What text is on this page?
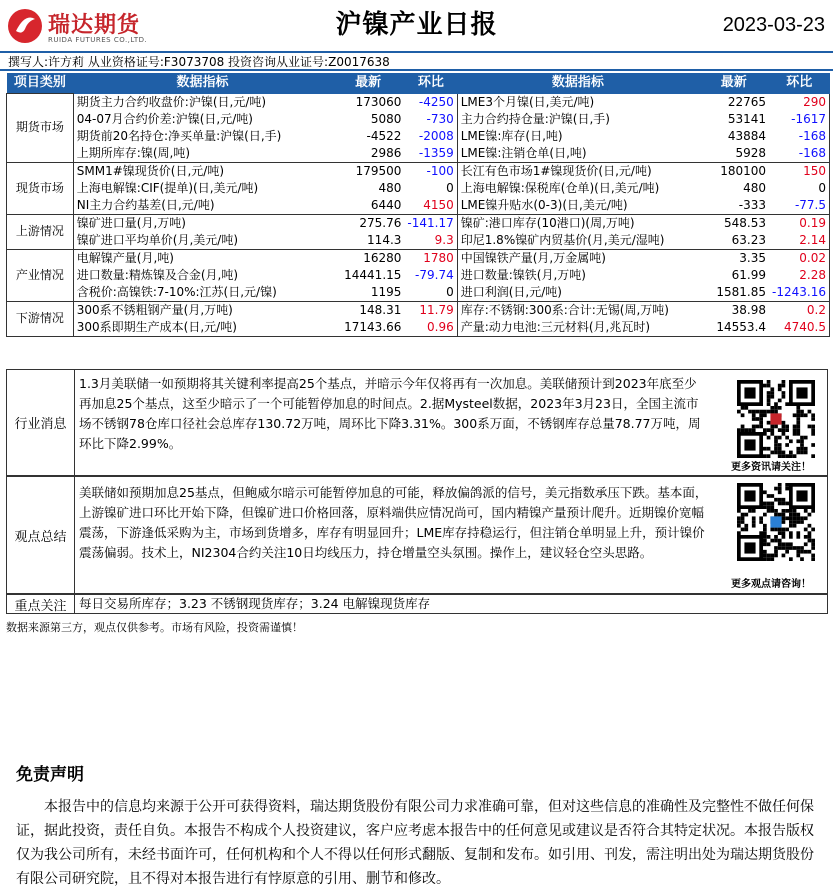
瑞达期货
RUIDA FUTURES CO.,LTD.	沪镍产业日报	2023-03-23
撰写人:许方莉 从业资格证号:F3073708 投资咨询从业证号:Z0017638
项目类别	数据指标	最新	环比	数据指标	最新	环比
期货市场	期货主力合约收盘价:沪镍(日,元/吨)	173060	-4250	LME3个月镍(日,美元/吨)	22765	290
	04-07月合约价差:沪镍(日,元/吨)	5080	-730	主力合约持仓量:沪镍(日,手)	53141	-1617
	期货前20名持仓:净买单量:沪镍(日,手)	-4522	-2008	LME镍:库存(日,吨)	43884	-168
	上期所库存:镍(周,吨)	2986	-1359	LME镍:注销仓单(日,吨)	5928	-168
现货市场	SMM1#镍现货价(日,元/吨)	179500	-100	长江有色市场1#镍现货价(日,元/吨)	180100	150
	上海电解镍:CIF(提单)(日,美元/吨)	480	0	上海电解镍:保税库(仓单)(日,美元/吨)	480	0
	NI主力合约基差(日,元/吨)	6440	4150	LME镍升贴水(0-3)(日,美元/吨)	-333	-77.5
上游情况	镍矿进口量(月,万吨)	275.76	-141.17	镍矿:港口库存(10港口)(周,万吨)	548.53	0.19
	镍矿进口平均单价(月,美元/吨)	114.3	9.3	印尼1.8%镍矿内贸基价(月,美元/湿吨)	63.23	2.14
产业情况	电解镍产量(月,吨)	16280	1780	中国镍铁产量(月,万金属吨)	3.35	0.02
	进口数量:精炼镍及合金(月,吨)	14441.15	-79.74	进口数量:镍铁(月,万吨)	61.99	2.28
	含税价:高镍铁:7-10%:江苏(日,元/镍)	1195	0	进口利润(日,元/吨)	1581.85	-1243.16
下游情况	300系不锈粗钢产量(月,万吨)	148.31	11.79	库存:不锈钢:300系:合计:无锡(周,万吨)	38.98	0.2
	300系即期生产成本(日,元/吨)	17143.66	0.96	产量:动力电池:三元材料(月,兆瓦时)	14553.4	4740.5
行业消息
1.3月美联储一如预期将其关键利率提高25个基点，并暗示今年仅将再有一次加息。美联储预计到2023年底至少再加息25个基点，这至少暗示了一个可能暂停加息的时间点。2.据Mysteel数据，2023年3月23日，全国主流市场不锈钢78仓库口径社会总库存130.72万吨，周环比下降3.31%。300系万面，不锈钢库存总量78.77万吨，周环比下降2.99%。
更多资讯请关注！
观点总结
美联储如预期加息25基点，但鲍威尔暗示可能暂停加息的可能，释放偏鸽派的信号，美元指数承压下跌。基本面，上游镍矿进口环比开始下降，但镍矿进口价格回落，原料端供应情况尚可，国内精镍产量预计爬升。近期镍价宽幅震荡，下游逢低采购为主，市场到货增多，库存有明显回升；LME库存持稳运行，但注销仓单明显上升，预计镍价震荡偏弱。技术上，NI2304合约关注10日均线压力，持仓增量空头氛围。操作上，建议轻仓空头思路。
更多观点请咨询！
重点关注	每日交易所库存；3.23 不锈钢现货库存；3.24 电解镍现货库存
数据来源第三方，观点仅供参考。市场有风险，投资需谨慎！
免责声明
本报告中的信息均来源于公开可获得资料，瑞达期货股份有限公司力求准确可靠，但对这些信息的准确性及完整性不做任何保证，据此投资，责任自负。本报告不构成个人投资建议，客户应考虑本报告中的任何意见或建议是否符合其特定状况。本报告版权仅为我公司所有，未经书面许可，任何机构和个人不得以任何形式翻版、复制和发布。如引用、刊发，需注明出处为瑞达期货股份有限公司研究院，且不得对本报告进行有悖原意的引用、删节和修改。
